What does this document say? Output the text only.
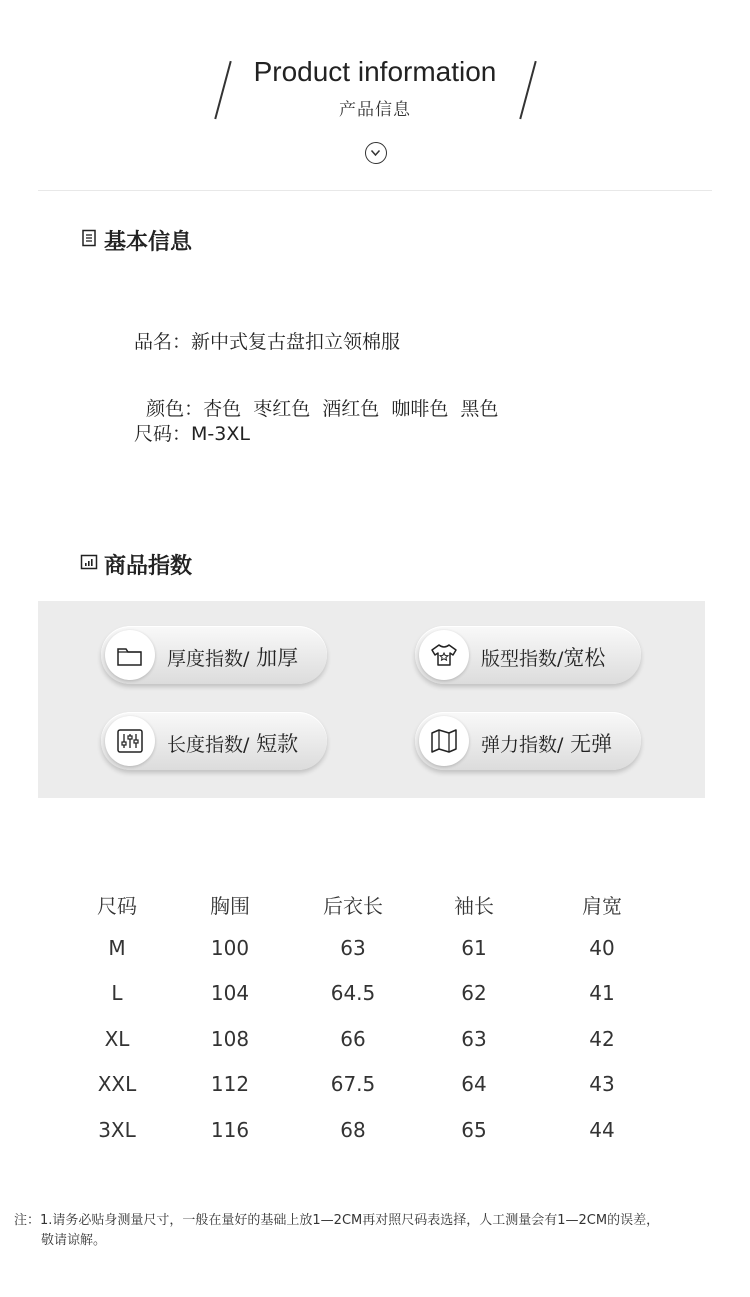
Product information
产品信息
基本信息
品名：新中式复古盘扣立领棉服

颜色：杏色  枣红色  酒红色  咖啡色  黑色

尺码：M-3XL
商品指数
厚度指数/ 加厚	版型指数/宽松
长度指数/ 短款	弹力指数/ 无弹
尺码	胸围	后衣长	袖长	肩宽
M	100	63	61	40
L	104	64.5	62	41
XL	108	66	63	42
XXL	112	67.5	64	43
3XL	116	68	65	44
注：1.请务必贴身测量尺寸，一般在量好的基础上放1—2CM再对照尺码表选择，人工测量会有1—2CM的误差，
敬请谅解。
